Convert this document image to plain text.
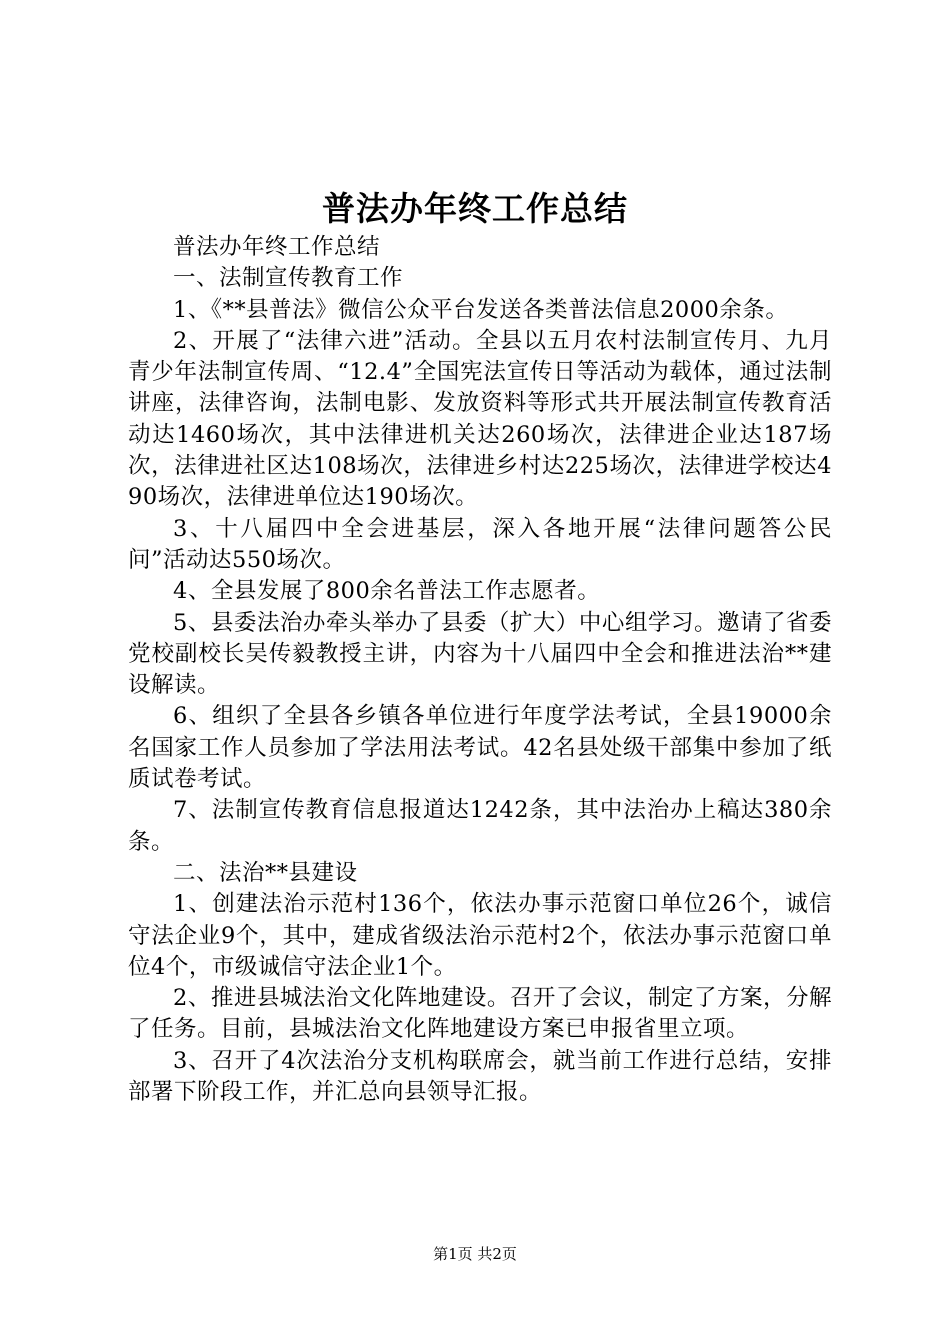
普法办年终工作总结

普法办年终工作总结

一、法制宣传教育工作

1、《**县普法》微信公众平台发送各类普法信息2000余条。

2、开展了“法律六进”活动。全县以五月农村法制宣传月、九月青少年法制宣传周、“12.4”全国宪法宣传日等活动为载体，通过法制讲座，法律咨询，法制电影、发放资料等形式共开展法制宣传教育活动达1460场次，其中法律进机关达260场次，法律进企业达187场次，法律进社区达108场次，法律进乡村达225场次，法律进学校达490场次，法律进单位达190场次。

3、十八届四中全会进基层，深入各地开展“法律问题答公民问”活动达550场次。

4、全县发展了800余名普法工作志愿者。

5、县委法治办牵头举办了县委（扩大）中心组学习。邀请了省委党校副校长吴传毅教授主讲，内容为十八届四中全会和推进法治**建设解读。

6、组织了全县各乡镇各单位进行年度学法考试，全县19000余名国家工作人员参加了学法用法考试。42名县处级干部集中参加了纸质试卷考试。

7、法制宣传教育信息报道达1242条，其中法治办上稿达380余条。

二、法治**县建设

1、创建法治示范村136个，依法办事示范窗口单位26个，诚信守法企业9个，其中，建成省级法治示范村2个，依法办事示范窗口单位4个，市级诚信守法企业1个。

2、推进县城法治文化阵地建设。召开了会议，制定了方案，分解了任务。目前，县城法治文化阵地建设方案已申报省里立项。

3、召开了4次法治分支机构联席会，就当前工作进行总结，安排部署下阶段工作，并汇总向县领导汇报。

第1页 共2页
